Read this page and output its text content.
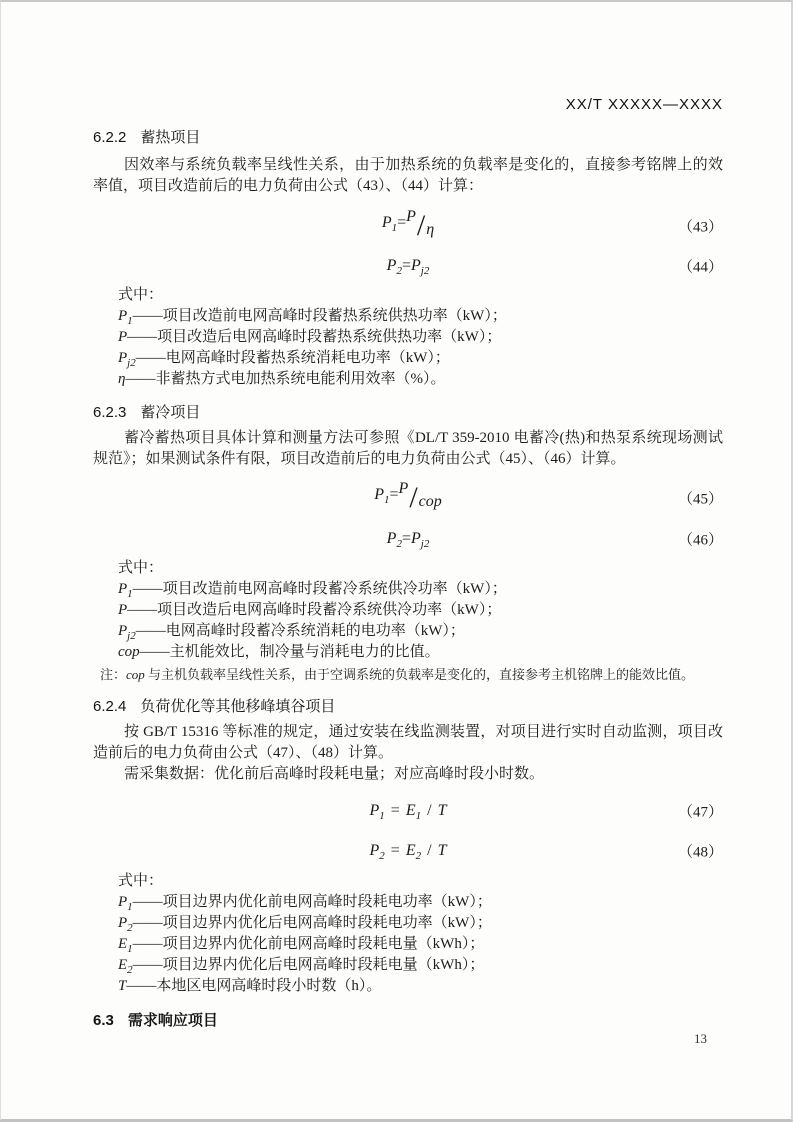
XX/T XXXXX—XXXX
6.2.2 蓄热项目
因效率与系统负载率呈线性关系，由于加热系统的负载率是变化的，直接参考铭牌上的效率值，项目改造前后的电力负荷由公式（43）、（44）计算：
$P_1=P/\eta$	（43）
$P_2=P_{j2}$	（44）
式中：
$P_1——$项目改造前电网高峰时段蓄热系统供热功率（kW）；
P——项目改造后电网高峰时段蓄热系统供热功率（kW）；
$P_{j2}——$电网高峰时段蓄热系统消耗电功率（kW）；
η——非蓄热方式电加热系统电能利用效率（%）。
6.2.3 蓄冷项目
蓄冷蓄热项目具体计算和测量方法可参照《DL/T 359-2010 电蓄冷(热)和热泵系统现场测试规范》；如果测试条件有限，项目改造前后的电力负荷由公式（45）、（46）计算。
$P_1=P$/cop	（45）
$P_2=P_{j2}$	（46）
式中：
$P_1——$项目改造前电网高峰时段蓄冷系统供冷功率（kW）；
P——项目改造后电网高峰时段蓄冷系统供冷功率（kW）；
$P_{j2}——$电网高峰时段蓄冷系统消耗的电功率（kW）；
cop——主机能效比，制冷量与消耗电力的比值。
注：cop 与主机负载率呈线性关系，由于空调系统的负载率是变化的，直接参考主机铭牌上的能效比值。
6.2.4 负荷优化等其他移峰填谷项目
按 GB/T 15316 等标准的规定，通过安装在线监测装置，对项目进行实时自动监测，项目改造前后的电力负荷由公式（47）、（48）计算。
需采集数据：优化前后高峰时段耗电量；对应高峰时段小时数。
$P_1 = E_1 / T$	（47）
$P_2 = E_2 / T$	（48）
式中：
$P_1——$项目边界内优化前电网高峰时段耗电功率（kW）；
$P_2——$项目边界内优化后电网高峰时段耗电功率（kW）；
$E_1——$项目边界内优化前电网高峰时段耗电量（kWh）；
$E_2——$项目边界内优化后电网高峰时段耗电量（kWh）；
T——本地区电网高峰时段小时数（h）。
6.3 需求响应项目
13
